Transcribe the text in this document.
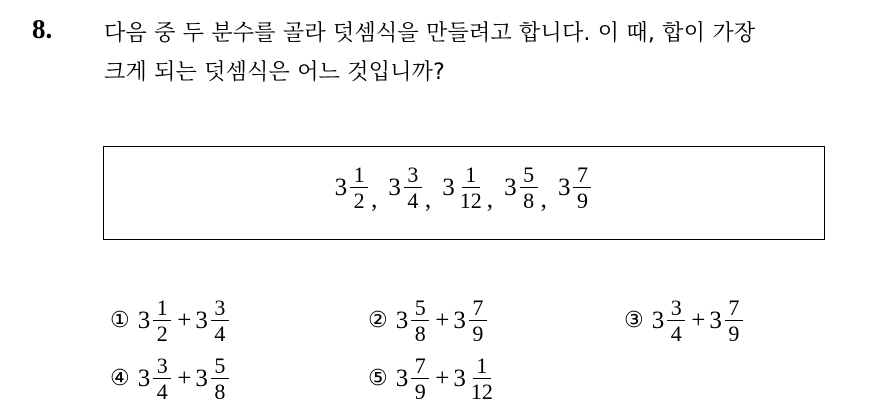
8. 다음 중 두 분수를 골라 덧셈식을 만들려고 합니다. 이 때, 합이 가장
크게 되는 덧셈식은 어느 것입니까?
$3 \frac{1}{2}$ , $3 \frac{3}{4}$ , $3 \frac{1}{12}$ , $3 \frac{5}{8}$ , $3 \frac{7}{9}$
① $3 \frac{1}{2} + 3 \frac{3}{4}$	② $3 \frac{5}{8} + 3 \frac{7}{9}$	③ $3 \frac{3}{4} + 3 \frac{7}{9}$
④ $3 \frac{3}{4} + 3 \frac{5}{8}$	⑤ $3 \frac{7}{9} + 3 \frac{1}{12}$
